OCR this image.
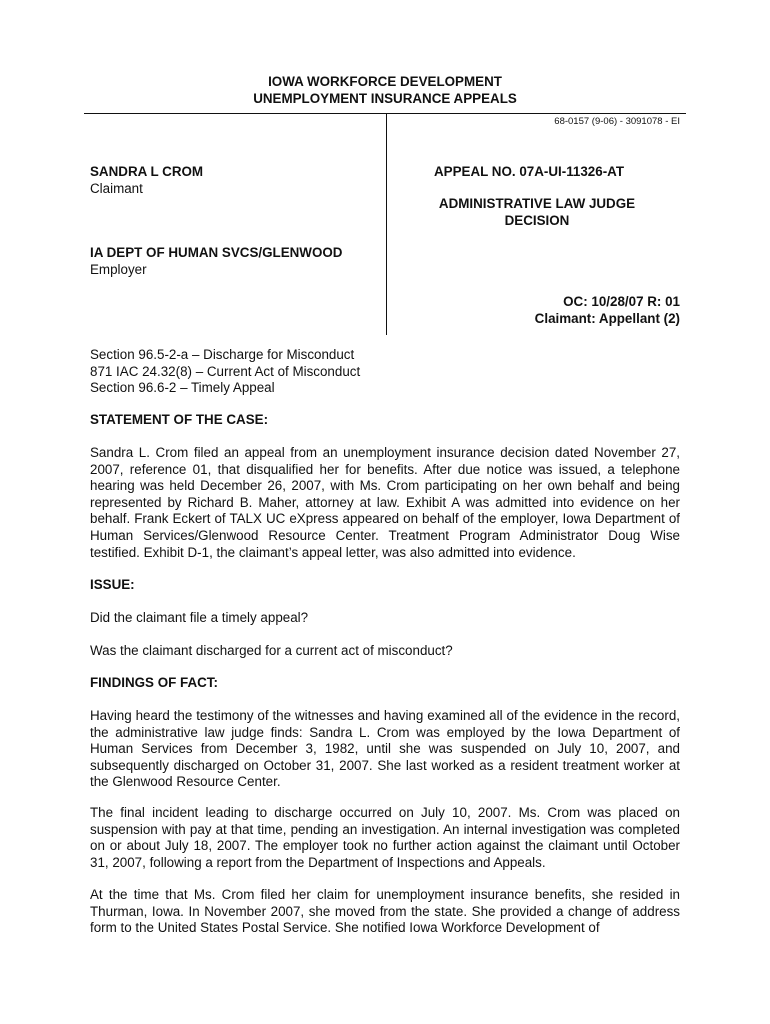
IOWA WORKFORCE DEVELOPMENT
UNEMPLOYMENT INSURANCE APPEALS
68-0157 (9-06) - 3091078 - EI
SANDRA L CROM
Claimant
IA DEPT OF HUMAN SVCS/GLENWOOD
Employer
APPEAL NO. 07A-UI-11326-AT
ADMINISTRATIVE LAW JUDGE
DECISION
OC: 10/28/07 R: 01
Claimant: Appellant (2)
Section 96.5-2-a – Discharge for Misconduct
871 IAC 24.32(8) – Current Act of Misconduct
Section 96.6-2 – Timely Appeal

STATEMENT OF THE CASE:

Sandra L. Crom filed an appeal from an unemployment insurance decision dated November 27, 2007, reference 01, that disqualified her for benefits. After due notice was issued, a telephone hearing was held December 26, 2007, with Ms. Crom participating on her own behalf and being represented by Richard B. Maher, attorney at law. Exhibit A was admitted into evidence on her behalf. Frank Eckert of TALX UC eXpress appeared on behalf of the employer, Iowa Department of Human Services/Glenwood Resource Center. Treatment Program Administrator Doug Wise testified. Exhibit D-1, the claimant’s appeal letter, was also admitted into evidence.

ISSUE:

Did the claimant file a timely appeal?
Was the claimant discharged for a current act of misconduct?

FINDINGS OF FACT:

Having heard the testimony of the witnesses and having examined all of the evidence in the record, the administrative law judge finds: Sandra L. Crom was employed by the Iowa Department of Human Services from December 3, 1982, until she was suspended on July 10, 2007, and subsequently discharged on October 31, 2007. She last worked as a resident treatment worker at the Glenwood Resource Center.

The final incident leading to discharge occurred on July 10, 2007. Ms. Crom was placed on suspension with pay at that time, pending an investigation. An internal investigation was completed on or about July 18, 2007. The employer took no further action against the claimant until October 31, 2007, following a report from the Department of Inspections and Appeals.

At the time that Ms. Crom filed her claim for unemployment insurance benefits, she resided in Thurman, Iowa. In November 2007, she moved from the state. She provided a change of address form to the United States Postal Service. She notified Iowa Workforce Development of
